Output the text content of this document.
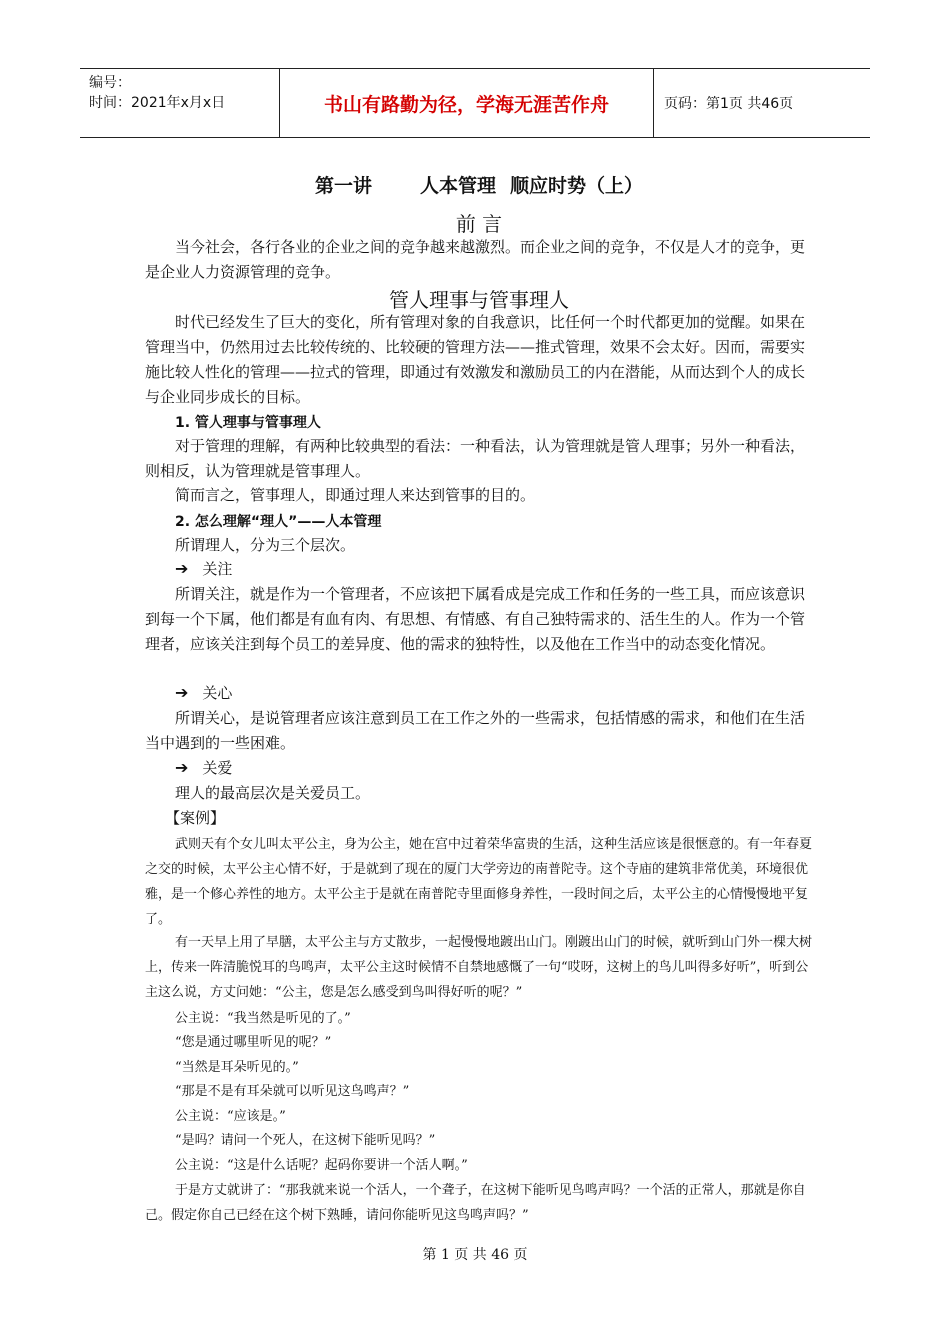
编号：
时间：2021年x月x日	书山有路勤为径，学海无涯苦作舟	页码：第1页 共46页
第一讲	人本管理 顺应时势（上）
前 言

当今社会，各行各业的企业之间的竞争越来越激烈。而企业之间的竞争，不仅是人才的竞争，更是企业人力资源管理的竞争。

管人理事与管事理人

时代已经发生了巨大的变化，所有管理对象的自我意识，比任何一个时代都更加的觉醒。如果在管理当中，仍然用过去比较传统的、比较硬的管理方法——推式管理，效果不会太好。因而，需要实施比较人性化的管理——拉式的管理，即通过有效激发和激励员工的内在潜能，从而达到个人的成长与企业同步成长的目标。

1. 管人理事与管事理人

对于管理的理解，有两种比较典型的看法：一种看法，认为管理就是管人理事；另外一种看法，则相反，认为管理就是管事理人。

简而言之，管事理人，即通过理人来达到管事的目的。

2. 怎么理解“理人”——人本管理

所谓理人，分为三个层次。

➔ 关注

所谓关注，就是作为一个管理者，不应该把下属看成是完成工作和任务的一些工具，而应该意识到每一个下属，他们都是有血有肉、有思想、有情感、有自己独特需求的、活生生的人。作为一个管理者，应该关注到每个员工的差异度、他的需求的独特性，以及他在工作当中的动态变化情况。

➔ 关心

所谓关心，是说管理者应该注意到员工在工作之外的一些需求，包括情感的需求，和他们在生活当中遇到的一些困难。

➔ 关爱

理人的最高层次是关爱员工。

【案例】

武则天有个女儿叫太平公主，身为公主，她在宫中过着荣华富贵的生活，这种生活应该是很惬意的。有一年春夏之交的时候，太平公主心情不好，于是就到了现在的厦门大学旁边的南普陀寺。这个寺庙的建筑非常优美，环境很优雅，是一个修心养性的地方。太平公主于是就在南普陀寺里面修身养性，一段时间之后，太平公主的心情慢慢地平复了。

有一天早上用了早膳，太平公主与方丈散步，一起慢慢地踱出山门。刚踱出山门的时候，就听到山门外一棵大树上，传来一阵清脆悦耳的鸟鸣声，太平公主这时候情不自禁地感慨了一句“哎呀，这树上的鸟儿叫得多好听”，听到公主这么说，方丈问她：“公主，您是怎么感受到鸟叫得好听的呢？”

公主说：“我当然是听见的了。”

“您是通过哪里听见的呢？”

“当然是耳朵听见的。”

“那是不是有耳朵就可以听见这鸟鸣声？”

公主说：“应该是。”

“是吗？请问一个死人，在这树下能听见吗？”

公主说：“这是什么话呢？起码你要讲一个活人啊。”

于是方丈就讲了：“那我就来说一个活人，一个聋子，在这树下能听见鸟鸣声吗？一个活的正常人，那就是你自己。假定你自己已经在这个树下熟睡，请问你能听见这鸟鸣声吗？”

第 1 页 共 46 页
